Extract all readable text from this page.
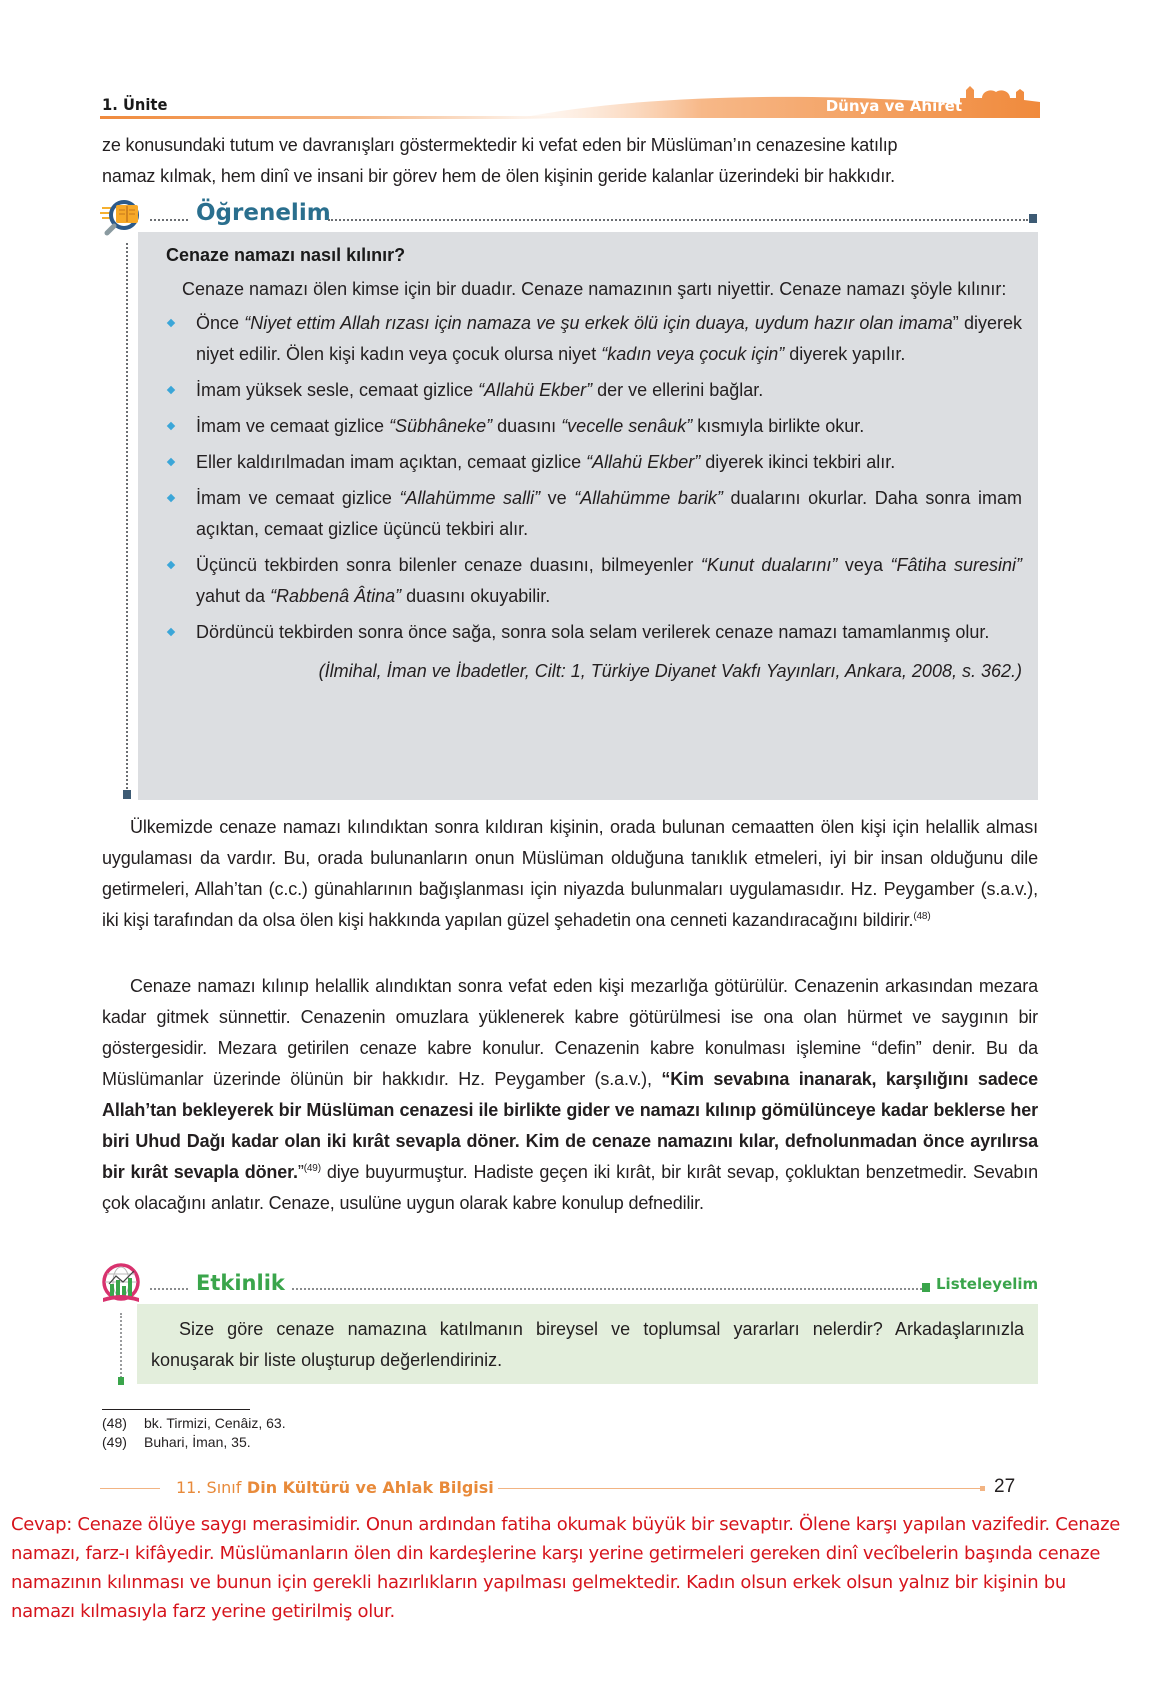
1. Ünite	Dünya ve Ahiret

ze konusundaki tutum ve davranışları göstermektedir ki vefat eden bir Müslüman’ın cenazesine katılıp

namaz kılmak, hem dinî ve insani bir görev hem de ölen kişinin geride kalanlar üzerindeki bir hakkıdır.

Öğrenelim
Cenaze namazı nasıl kılınır?

Cenaze namazı ölen kimse için bir duadır. Cenaze namazının şartı niyettir. Cenaze namazı şöyle kılınır:

Önce “Niyet ettim Allah rızası için namaza ve şu erkek ölü için duaya, uydum hazır olan imama” diyerek niyet edilir. Ölen kişi kadın veya çocuk olursa niyet “kadın veya çocuk için” diyerek yapılır.
İmam yüksek sesle, cemaat gizlice “Allahü Ekber” der ve ellerini bağlar.
İmam ve cemaat gizlice “Sübhâneke” duasını “vecelle senâuk” kısmıyla birlikte okur.
Eller kaldırılmadan imam açıktan, cemaat gizlice “Allahü Ekber” diyerek ikinci tekbiri alır.
İmam ve cemaat gizlice “Allahümme salli” ve “Allahümme barik” dualarını okurlar. Daha sonra imam açıktan, cemaat gizlice üçüncü tekbiri alır.
Üçüncü tekbirden sonra bilenler cenaze duasını, bilmeyenler “Kunut dualarını” veya “Fâtiha suresini” yahut da “Rabbenâ Âtina” duasını okuyabilir.
Dördüncü tekbirden sonra önce sağa, sonra sola selam verilerek cenaze namazı tamamlanmış olur.
(İlmihal, İman ve İbadetler, Cilt: 1, Türkiye Diyanet Vakfı Yayınları, Ankara, 2008, s. 362.)

Ülkemizde cenaze namazı kılındıktan sonra kıldıran kişinin, orada bulunan cemaatten ölen kişi için helallik alması uygulaması da vardır. Bu, orada bulunanların onun Müslüman olduğuna tanıklık etmeleri, iyi bir insan olduğunu dile getirmeleri, Allah’tan (c.c.) günahlarının bağışlanması için niyazda bulunmaları uygulamasıdır. Hz. Peygamber (s.a.v.), iki kişi tarafından da olsa ölen kişi hakkında yapılan güzel şehadetin ona cenneti kazandıracağını bildirir.$^{(48)}$

Cenaze namazı kılınıp helallik alındıktan sonra vefat eden kişi mezarlığa götürülür. Cenazenin arkasından mezara kadar gitmek sünnettir. Cenazenin omuzlara yüklenerek kabre götürülmesi ise ona olan hürmet ve saygının bir göstergesidir. Mezara getirilen cenaze kabre konulur. Cenazenin kabre konulması işlemine “defin” denir. Bu da Müslümanlar üzerinde ölünün bir hakkıdır. Hz. Peygamber (s.a.v.), “Kim sevabına inanarak, karşılığını sadece Allah’tan bekleyerek bir Müslüman cenazesi ile birlikte gider ve namazı kılınıp gömülünceye kadar beklerse her biri Uhud Dağı kadar olan iki kırât sevapla döner. Kim de cenaze namazını kılar, defnolunmadan önce ayrılırsa bir kırât sevapla döner.”$^{(49)}$ diye buyurmuştur. Hadiste geçen iki kırât, bir kırât sevap, çokluktan benzetmedir. Sevabın çok olacağını anlatır. Cenaze, usulüne uygun olarak kabre konulup defnedilir.

Etkinlik	Listeleyelim

Size göre cenaze namazına katılmanın bireysel ve toplumsal yararları nelerdir? Arkadaşlarınızla konuşarak bir liste oluşturup değerlendiriniz.

(48) bk. Tirmizi, Cenâiz, 63.
(49) Buhari, İman, 35.
11. Sınıf Din Kültürü ve Ahlak Bilgisi	27
Cevap: Cenaze ölüye saygı merasimidir. Onun ardından fatiha okumak büyük bir sevaptır. Ölene karşı yapılan vazifedir. Cenaze namazı, farz-ı kifâyedir. Müslümanların ölen din kardeşlerine karşı yerine getirmeleri gereken dinî vecîbelerin başında cenaze namazının kılınması ve bunun için gerekli hazırlıkların yapılması gelmektedir. Kadın olsun erkek olsun yalnız bir kişinin bu namazı kılmasıyla farz yerine getirilmiş olur.
